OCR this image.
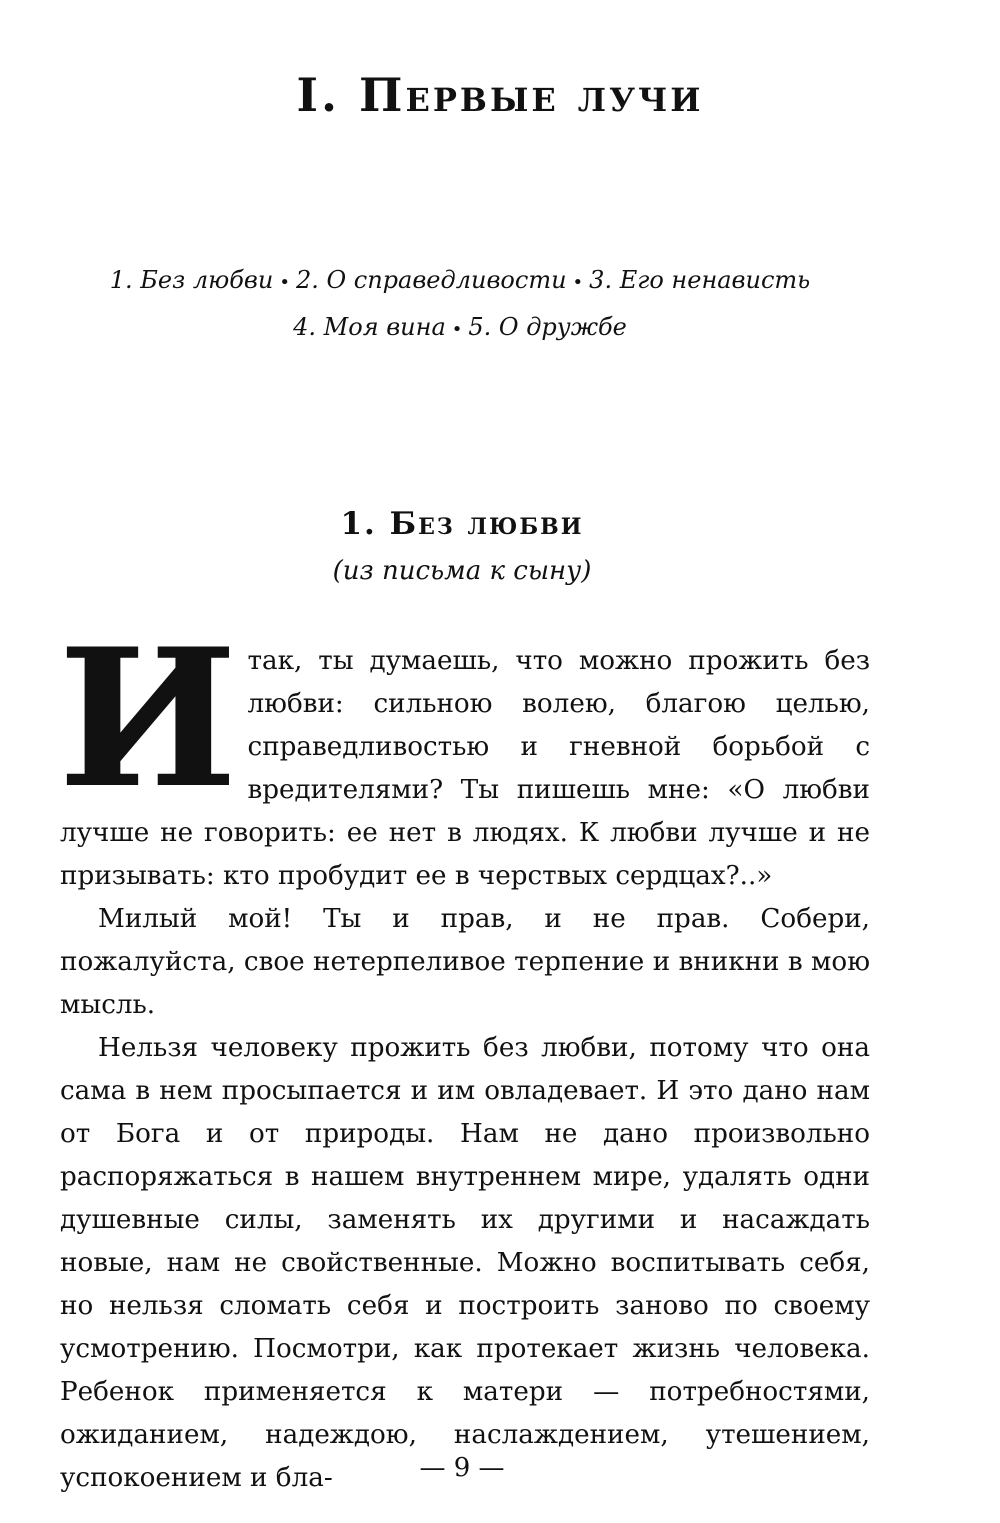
I. Первые лучи
1. Без любви • 2. О справедливости • 3. Его ненависть
4. Моя вина • 5. О дружбе
1. Без любви
(из письма к сыну)

Итак, ты думаешь, что можно прожить без любви: сильною волею, благою целью, справедливостью и гневной борьбой с вредителями? Ты пишешь мне: «О любви лучше не говорить: ее нет в людях. К любви лучше и не призывать: кто пробудит ее в черствых сердцах?..»

Милый мой! Ты и прав, и не прав. Собери, пожалуйста, свое нетерпеливое терпение и вникни в мою мысль.

Нельзя человеку прожить без любви, потому что она сама в нем просыпается и им овладевает. И это дано нам от Бога и от природы. Нам не дано произвольно распоряжаться в нашем внутреннем мире, удалять одни душевные силы, заменять их другими и насаждать новые, нам не свойственные. Можно воспитывать себя, но нельзя сломать себя и построить заново по своему усмотрению. Посмотри, как протекает жизнь человека. Ребенок применяется к матери — потребностями, ожиданием, надеждою, наслаждением, утешением, успокоением и бла-	— 9 —
